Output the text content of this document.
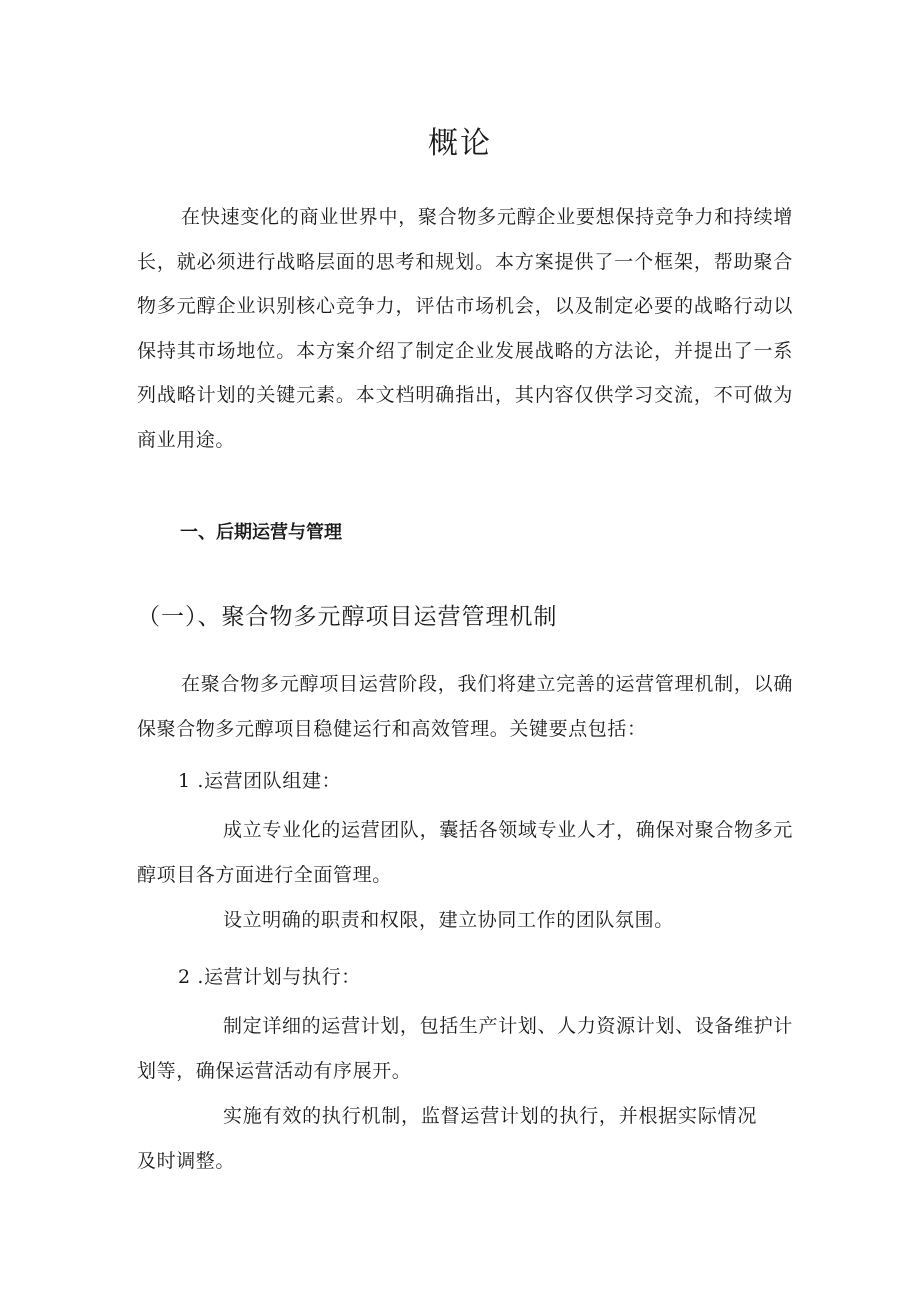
概论

在快速变化的商业世界中，聚合物多元醇企业要想保持竞争力和持续增长，就必须进行战略层面的思考和规划。本方案提供了一个框架，帮助聚合物多元醇企业识别核心竞争力，评估市场机会，以及制定必要的战略行动以保持其市场地位。本方案介绍了制定企业发展战略的方法论，并提出了一系列战略计划的关键元素。本文档明确指出，其内容仅供学习交流，不可做为商业用途。

一、后期运营与管理
（一）、聚合物多元醇项目运营管理机制

在聚合物多元醇项目运营阶段，我们将建立完善的运营管理机制，以确保聚合物多元醇项目稳健运行和高效管理。关键要点包括：

1 .运营团队组建：

成立专业化的运营团队，囊括各领域专业人才，确保对聚合物多元醇项目各方面进行全面管理。

设立明确的职责和权限，建立协同工作的团队氛围。

2 .运营计划与执行：

制定详细的运营计划，包括生产计划、人力资源计划、设备维护计划等，确保运营活动有序展开。

实施有效的执行机制，监督运营计划的执行，并根据实际情况及时调整。
